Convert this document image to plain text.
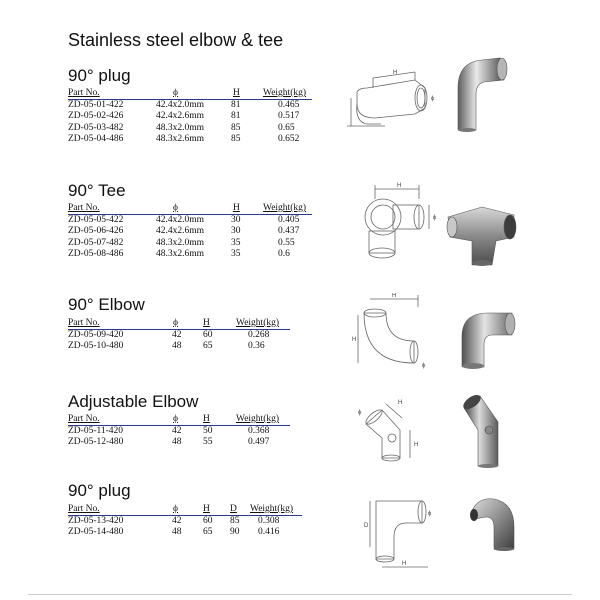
Stainless steel elbow & tee
90° plug
Part No.	ϕ	H Weight(kg)
ZD-05-01-422	42.4x2.0mm	81	0.465
ZD-05-02-426	42.4x2.6mm	81	0.517
ZD-05-03-482	48.3x2.0mm	85	0.65
ZD-05-04-486	48.3x2.6mm	85	0.652
H
ϕ
90° Tee
Part No.	ϕ	H Weight(kg)
ZD-05-05-422	42.4x2.0mm	30	0.405
ZD-05-06-426	42.4x2.6mm	30	0.437
ZD-05-07-482	48.3x2.0mm	35	0.55
ZD-05-08-486	48.3x2.6mm	35	0.6
H
ϕ
90° Elbow
Part No.	ϕ	H	Weight(kg)
ZD-05-09-420	42 60	0.268
ZD-05-10-480	48 65	0.36
H
H
ϕ
Adjustable Elbow
Part No.	ϕ	H	Weight(kg)
ZD-05-11-420	42 50	0.368
ZD-05-12-480	48 55	0.497
H
H
ϕ
90° plug
Part No.	ϕ	H D Weight(kg)
ZD-05-13-420	42 60 85 0.308
ZD-05-14-480	48 65 90 0.416
D
H
ϕ
